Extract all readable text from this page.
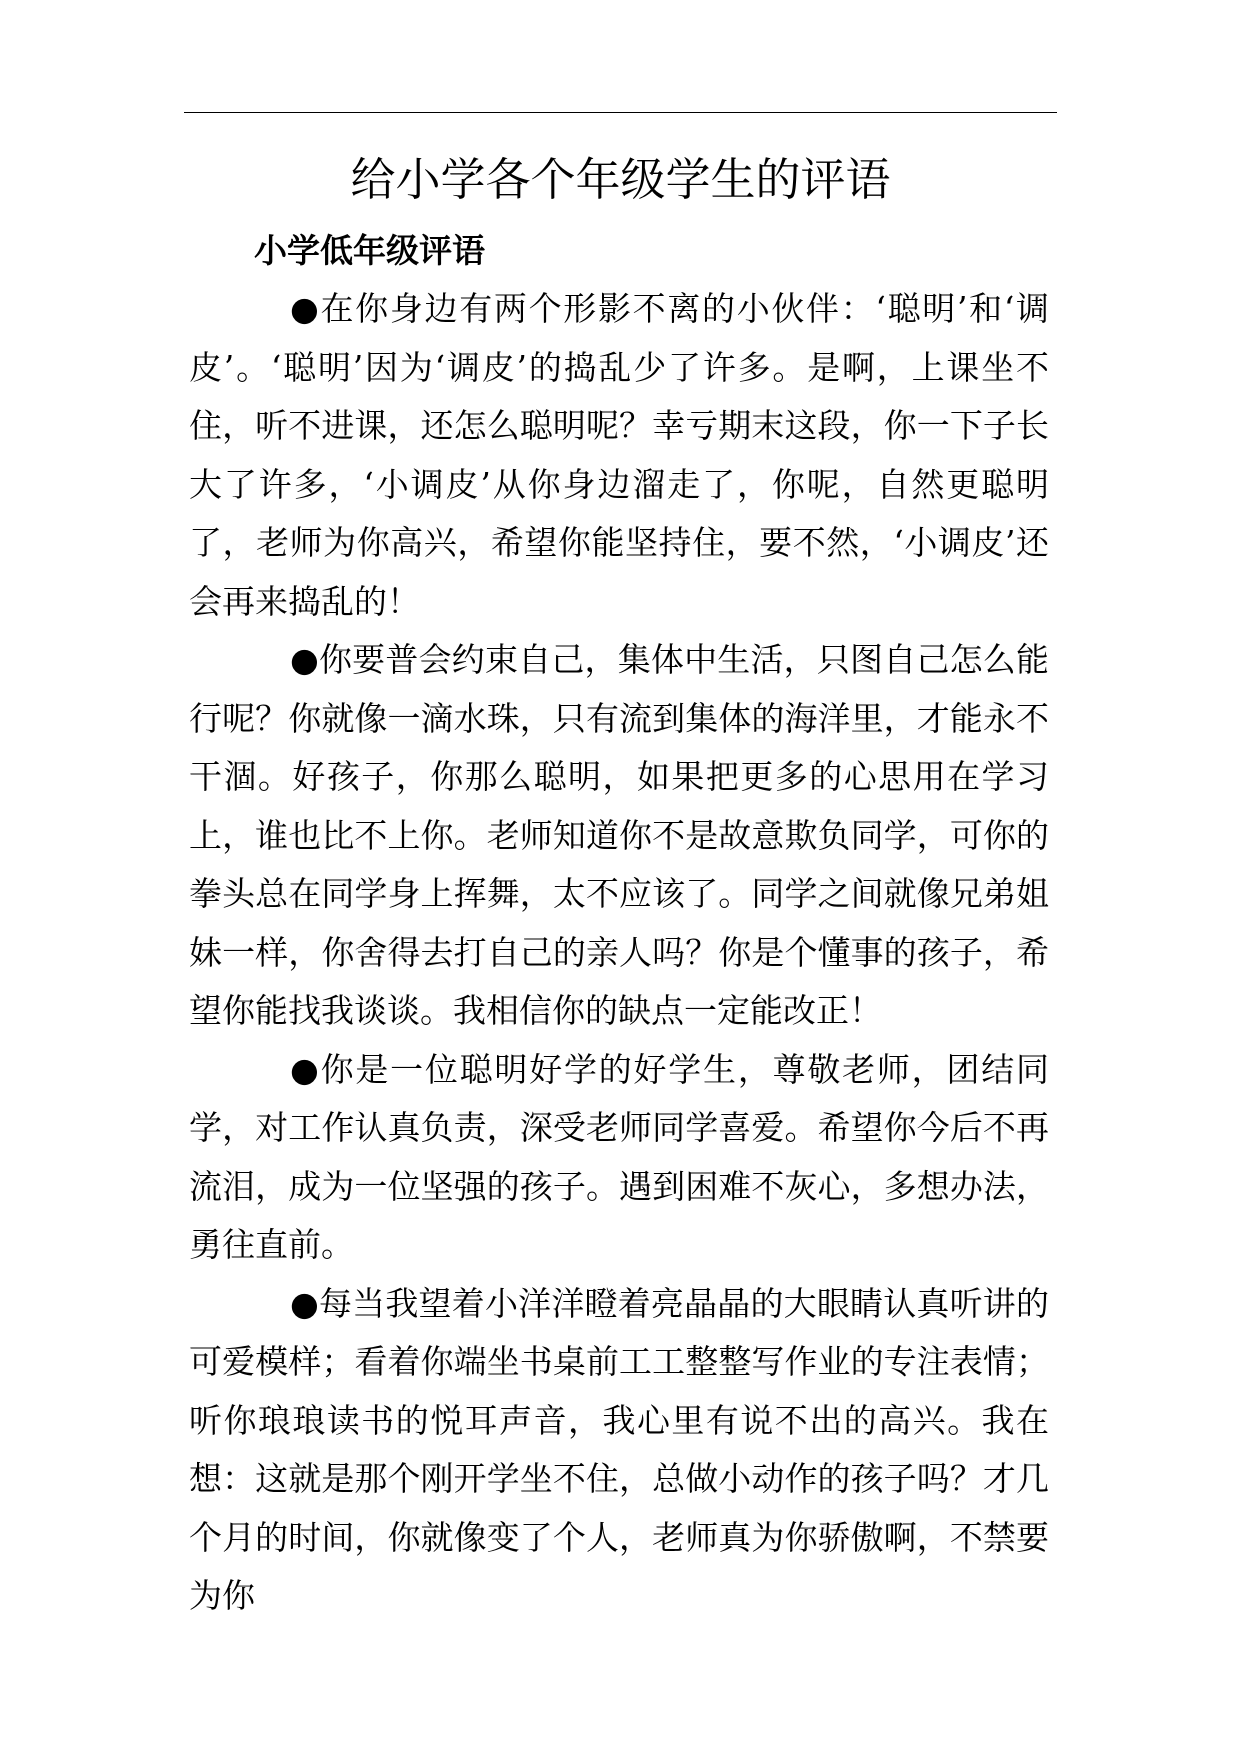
给小学各个年级学生的评语
小学低年级评语

●在你身边有两个形影不离的小伙伴：‘聪明’和‘调皮’。‘聪明’因为‘调皮’的捣乱少了许多。是啊，上课坐不住，听不进课，还怎么聪明呢？幸亏期末这段，你一下子长大了许多，‘小调皮’从你身边溜走了，你呢，自然更聪明了，老师为你高兴，希望你能坚持住，要不然，‘小调皮’还会再来捣乱的！

●你要普会约束自己，集体中生活，只图自己怎么能行呢？你就像一滴水珠，只有流到集体的海洋里，才能永不干涸。好孩子，你那么聪明，如果把更多的心思用在学习上，谁也比不上你。老师知道你不是故意欺负同学，可你的拳头总在同学身上挥舞，太不应该了。同学之间就像兄弟姐妹一样，你舍得去打自己的亲人吗？你是个懂事的孩子，希望你能找我谈谈。我相信你的缺点一定能改正！

●你是一位聪明好学的好学生，尊敬老师，团结同学，对工作认真负责，深受老师同学喜爱。希望你今后不再流泪，成为一位坚强的孩子。遇到困难不灰心，多想办法，勇往直前。

●每当我望着小洋洋瞪着亮晶晶的大眼睛认真听讲的可爱模样；看着你端坐书桌前工工整整写作业的专注表情；听你琅琅读书的悦耳声音，我心里有说不出的高兴。我在想：这就是那个刚开学坐不住，总做小动作的孩子吗？才几个月的时间，你就像变了个人，老师真为你骄傲啊，不禁要为你
